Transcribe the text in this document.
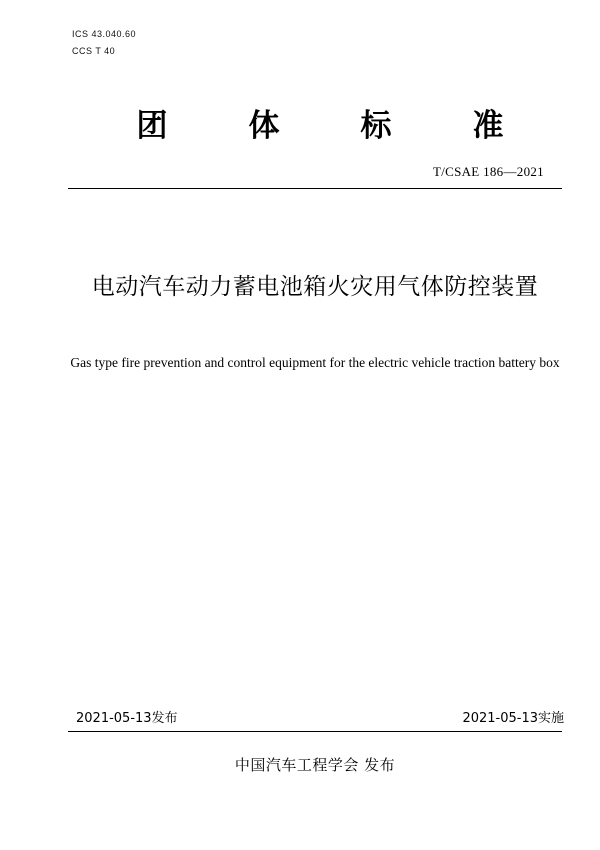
ICS 43.040.60
CCS T 40
团	体	标	准
T/CSAE 186—2021
电动汽车动力蓄电池箱火灾用气体防控装置
Gas type fire prevention and control equipment for the electric vehicle traction battery box
2021-05-13发布	2021-05-13实施
中国汽车工程学会 发布
